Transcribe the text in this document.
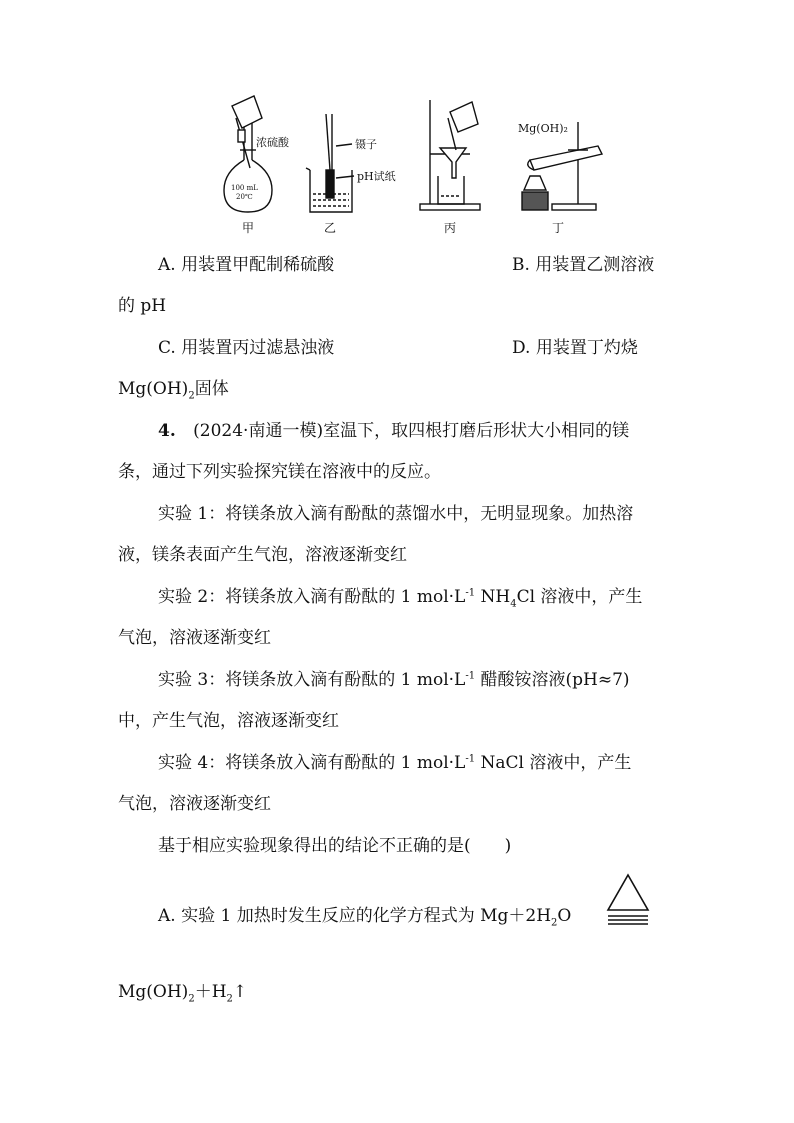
浓硫酸
100 mL
20℃
镊子
pH试纸
Mg(OH)₂
甲	乙	丙	丁
A. 用装置甲配制稀硫酸	B. 用装置乙测溶液
的 pH
C. 用装置丙过滤悬浊液	D. 用装置丁灼烧
$Mg(OH)_2$固体
4. (2024·南通一模)室温下，取四根打磨后形状大小相同的镁
条，通过下列实验探究镁在溶液中的反应。
实验 1：将镁条放入滴有酚酞的蒸馏水中，无明显现象。加热溶
液，镁条表面产生气泡，溶液逐渐变红
实验 2：将镁条放入滴有酚酞的 1 $mol\cdot L^{-1}$ $NH_4Cl$ 溶液中，产生
气泡，溶液逐渐变红
实验 3：将镁条放入滴有酚酞的 1 $mol\cdot L^{-1}$ 醋酸铵溶液(pH≈7)
中，产生气泡，溶液逐渐变红
实验 4：将镁条放入滴有酚酞的 1 $mol\cdot L^{-1}$ NaCl 溶液中，产生
气泡，溶液逐渐变红
基于相应实验现象得出的结论不正确的是( )
A. 实验 1 加热时发生反应的化学方程式为 $Mg+2H_2O$
$Mg(OH)_2+H_2↑$
